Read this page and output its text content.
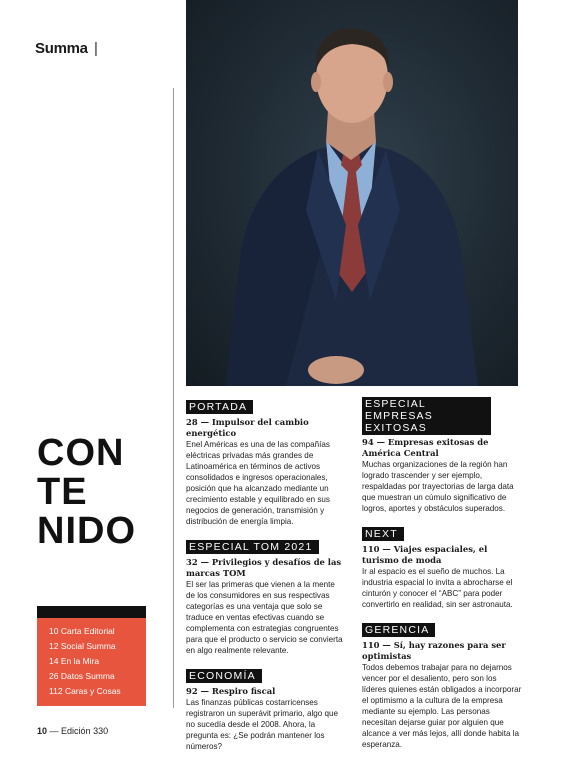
Summa |
CON
TE
NIDO
10 Carta Editorial
12 Social Summa
14 En la Mira
26 Datos Summa
112 Caras y Cosas
10 — Edición 330
PORTADA
28 — Impulsor del cambio energético
Enel Américas es una de las compañías eléctricas privadas más grandes de Latinoamérica en términos de activos consolidados e ingresos operacionales, posición que ha alcanzado mediante un crecimiento estable y equilibrado en sus negocios de generación, transmisión y distribución de energía limpia.
ESPECIAL TOM 2021
32 — Privilegios y desafíos de las marcas TOM
El ser las primeras que vienen a la mente de los consumidores en sus respectivas categorías es una ventaja que solo se traduce en ventas efectivas cuando se complementa con estrategias congruentes para que el producto o servicio se convierta en algo realmente relevante.
ECONOMÍA
92 — Respiro fiscal
Las finanzas públicas costarricenses registraron un superávit primario, algo que no sucedía desde el 2008. Ahora, la pregunta es: ¿Se podrán mantener los números?
ESPECIAL EMPRESAS EXITOSAS
94 — Empresas exitosas de América Central
Muchas organizaciones de la región han logrado trascender y ser ejemplo, respaldadas por trayectorias de larga data que muestran un cúmulo significativo de logros, aportes y obstáculos superados.
NEXT
110 — Viajes espaciales, el turismo de moda
Ir al espacio es el sueño de muchos. La industria espacial lo invita a abrocharse el cinturón y conocer el “ABC” para poder convertirlo en realidad, sin ser astronauta.
GERENCIA
110 — Sí, hay razones para ser optimistas
Todos debemos trabajar para no dejarnos vencer por el desaliento, pero son los líderes quienes están obligados a incorporar el optimismo a la cultura de la empresa mediante su ejemplo. Las personas necesitan dejarse guiar por alguien que alcance a ver más lejos, allí donde habita la esperanza.
